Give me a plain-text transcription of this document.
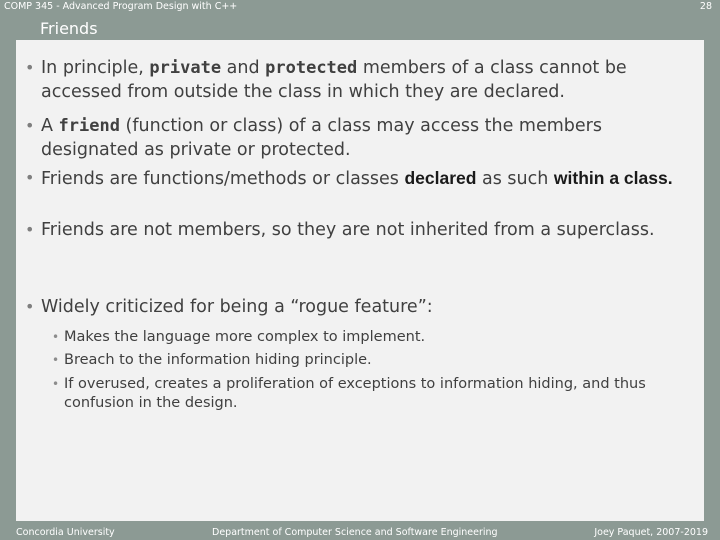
COMP 345 - Advanced Program Design with C++	28
Friends
• In principle, private and protected members of a class cannot be accessed from outside the class in which they are declared.
• A friend (function or class) of a class may access the members designated as private or protected.
• Friends are functions/methods or classes declared as such within a class.
• Friends are not members, so they are not inherited from a superclass.
• Widely criticized for being a “rogue feature”:
• Makes the language more complex to implement.
• Breach to the information hiding principle.
• If overused, creates a proliferation of exceptions to information hiding, and thus confusion in the design.
Concordia University	Department of Computer Science and Software Engineering	Joey Paquet, 2007-2019
